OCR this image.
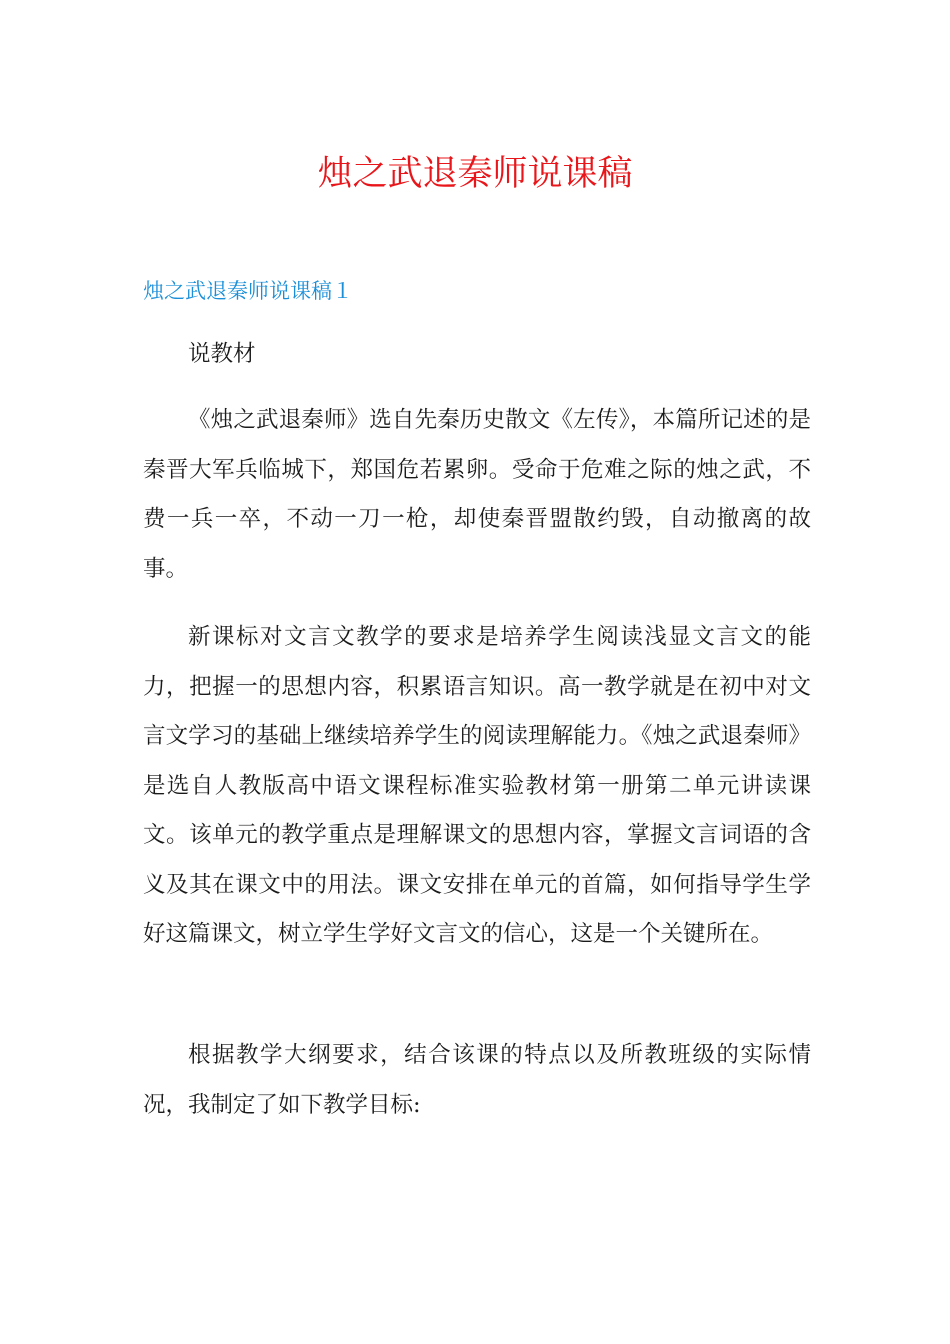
烛之武退秦师说课稿
烛之武退秦师说课稿１

说教材

《烛之武退秦师》选自先秦历史散文《左传》，本篇所记述的是秦晋大军兵临城下，郑国危若累卵。受命于危难之际的烛之武，不费一兵一卒，不动一刀一枪，却使秦晋盟散约毁，自动撤离的故事。

新课标对文言文教学的要求是培养学生阅读浅显文言文的能力，把握一的思想内容，积累语言知识。高一教学就是在初中对文言文学习的基础上继续培养学生的阅读理解能力。《烛之武退秦师》是选自人教版高中语文课程标准实验教材第一册第二单元讲读课文。该单元的教学重点是理解课文的思想内容，掌握文言词语的含义及其在课文中的用法。课文安排在单元的首篇，如何指导学生学好这篇课文，树立学生学好文言文的信心，这是一个关键所在。

根据教学大纲要求，结合该课的特点以及所教班级的实际情况，我制定了如下教学目标:
